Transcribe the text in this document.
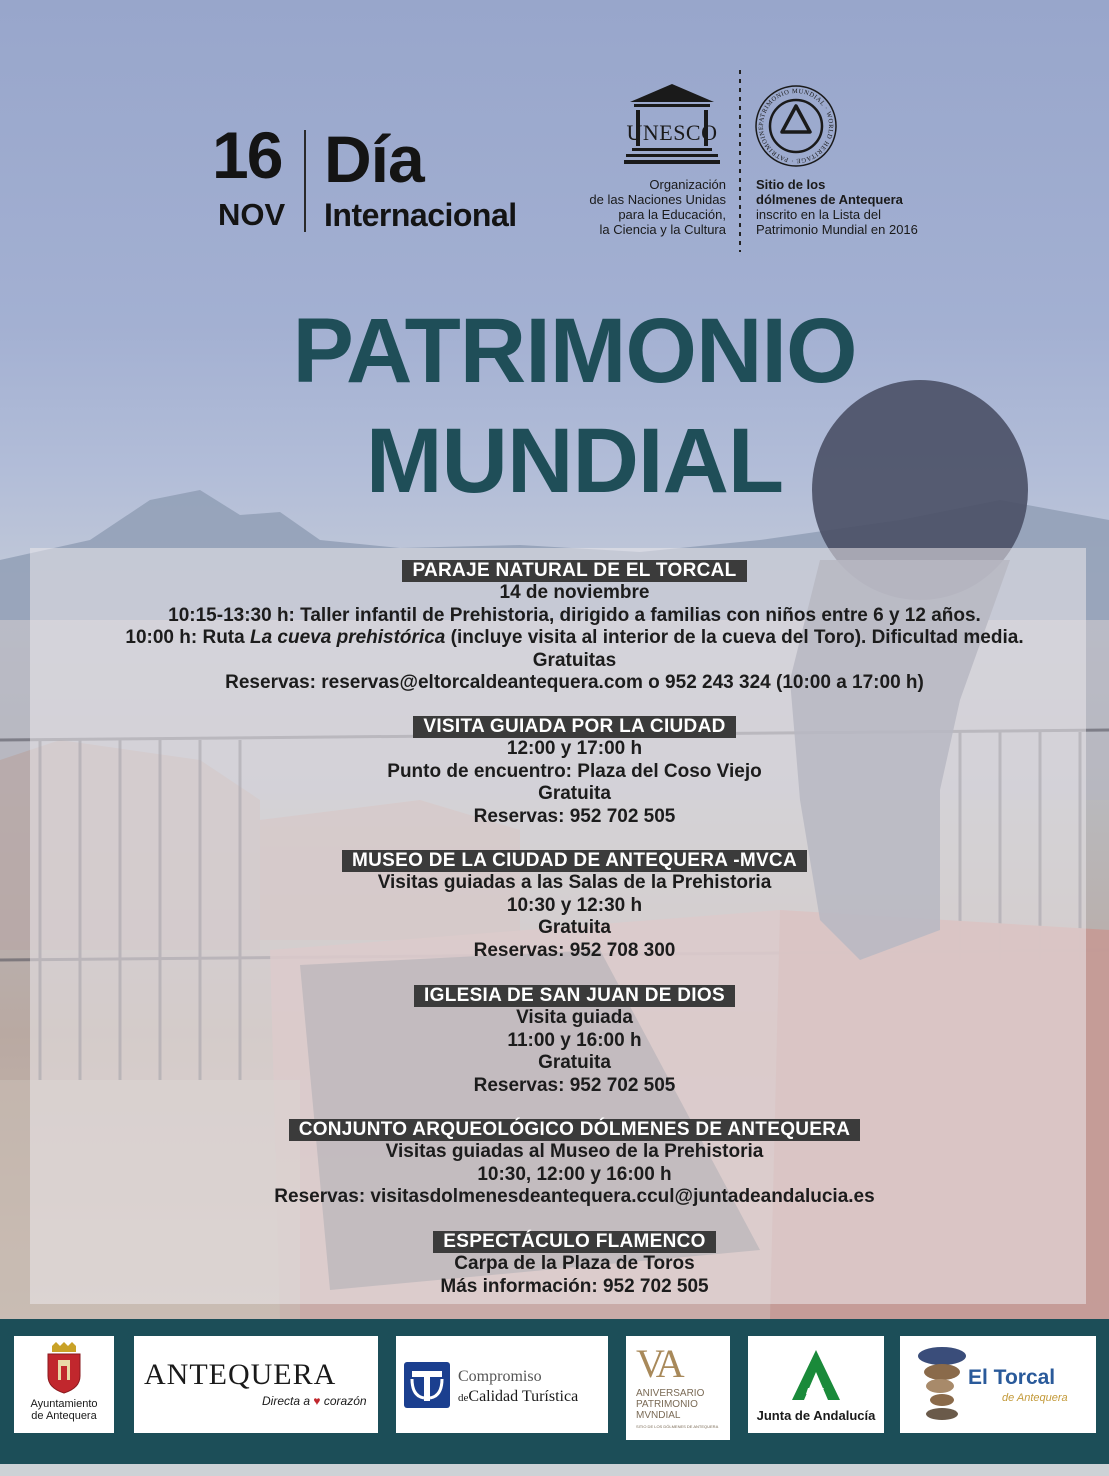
16
NOV
Día
Internacional
UNESCO
Organización
de las Naciones Unidas
para la Educación,
la Ciencia y la Cultura
PATRIMONIO MUNDIAL · WORLD HERITAGE · PATRIMOINE
Sitio de los
dólmenes de Antequera
inscrito en la Lista del
Patrimonio Mundial en 2016
PATRIMONIO
MUNDIAL
PARAJE NATURAL DE EL TORCAL
14 de noviembre
10:15-13:30 h: Taller infantil de Prehistoria, dirigido a familias con niños entre 6 y 12 años.
10:00 h: Ruta La cueva prehistórica (incluye visita al interior de la cueva del Toro). Dificultad media.
Gratuitas
Reservas: reservas@eltorcaldeantequera.com o 952 243 324 (10:00 a 17:00 h)
VISITA GUIADA POR LA CIUDAD
12:00 y 17:00 h
Punto de encuentro: Plaza del Coso Viejo
Gratuita
Reservas: 952 702 505
MUSEO DE LA CIUDAD DE ANTEQUERA -MVCA
Visitas guiadas a las Salas de la Prehistoria
10:30 y 12:30 h
Gratuita
Reservas: 952 708 300
IGLESIA DE SAN JUAN DE DIOS
Visita guiada
11:00 y 16:00 h
Gratuita
Reservas: 952 702 505
CONJUNTO ARQUEOLÓGICO DÓLMENES DE ANTEQUERA
Visitas guiadas al Museo de la Prehistoria
10:30, 12:00 y 16:00 h
Reservas: visitasdolmenesdeantequera.ccul@juntadeandalucia.es
ESPECTÁCULO FLAMENCO
Carpa de la Plaza de Toros
Más información: 952 702 505
Ayuntamiento
de Antequera
ANTEQUERA
Directa a ♥ corazón
Compromiso
deCalidad Turística
VA
ANIVERSARIO
PATRIMONIO
MVNDIAL
SITIO DE LOS DÓLMENES DE ANTEQUERA
Junta de Andalucía
El Torcal
de Antequera
